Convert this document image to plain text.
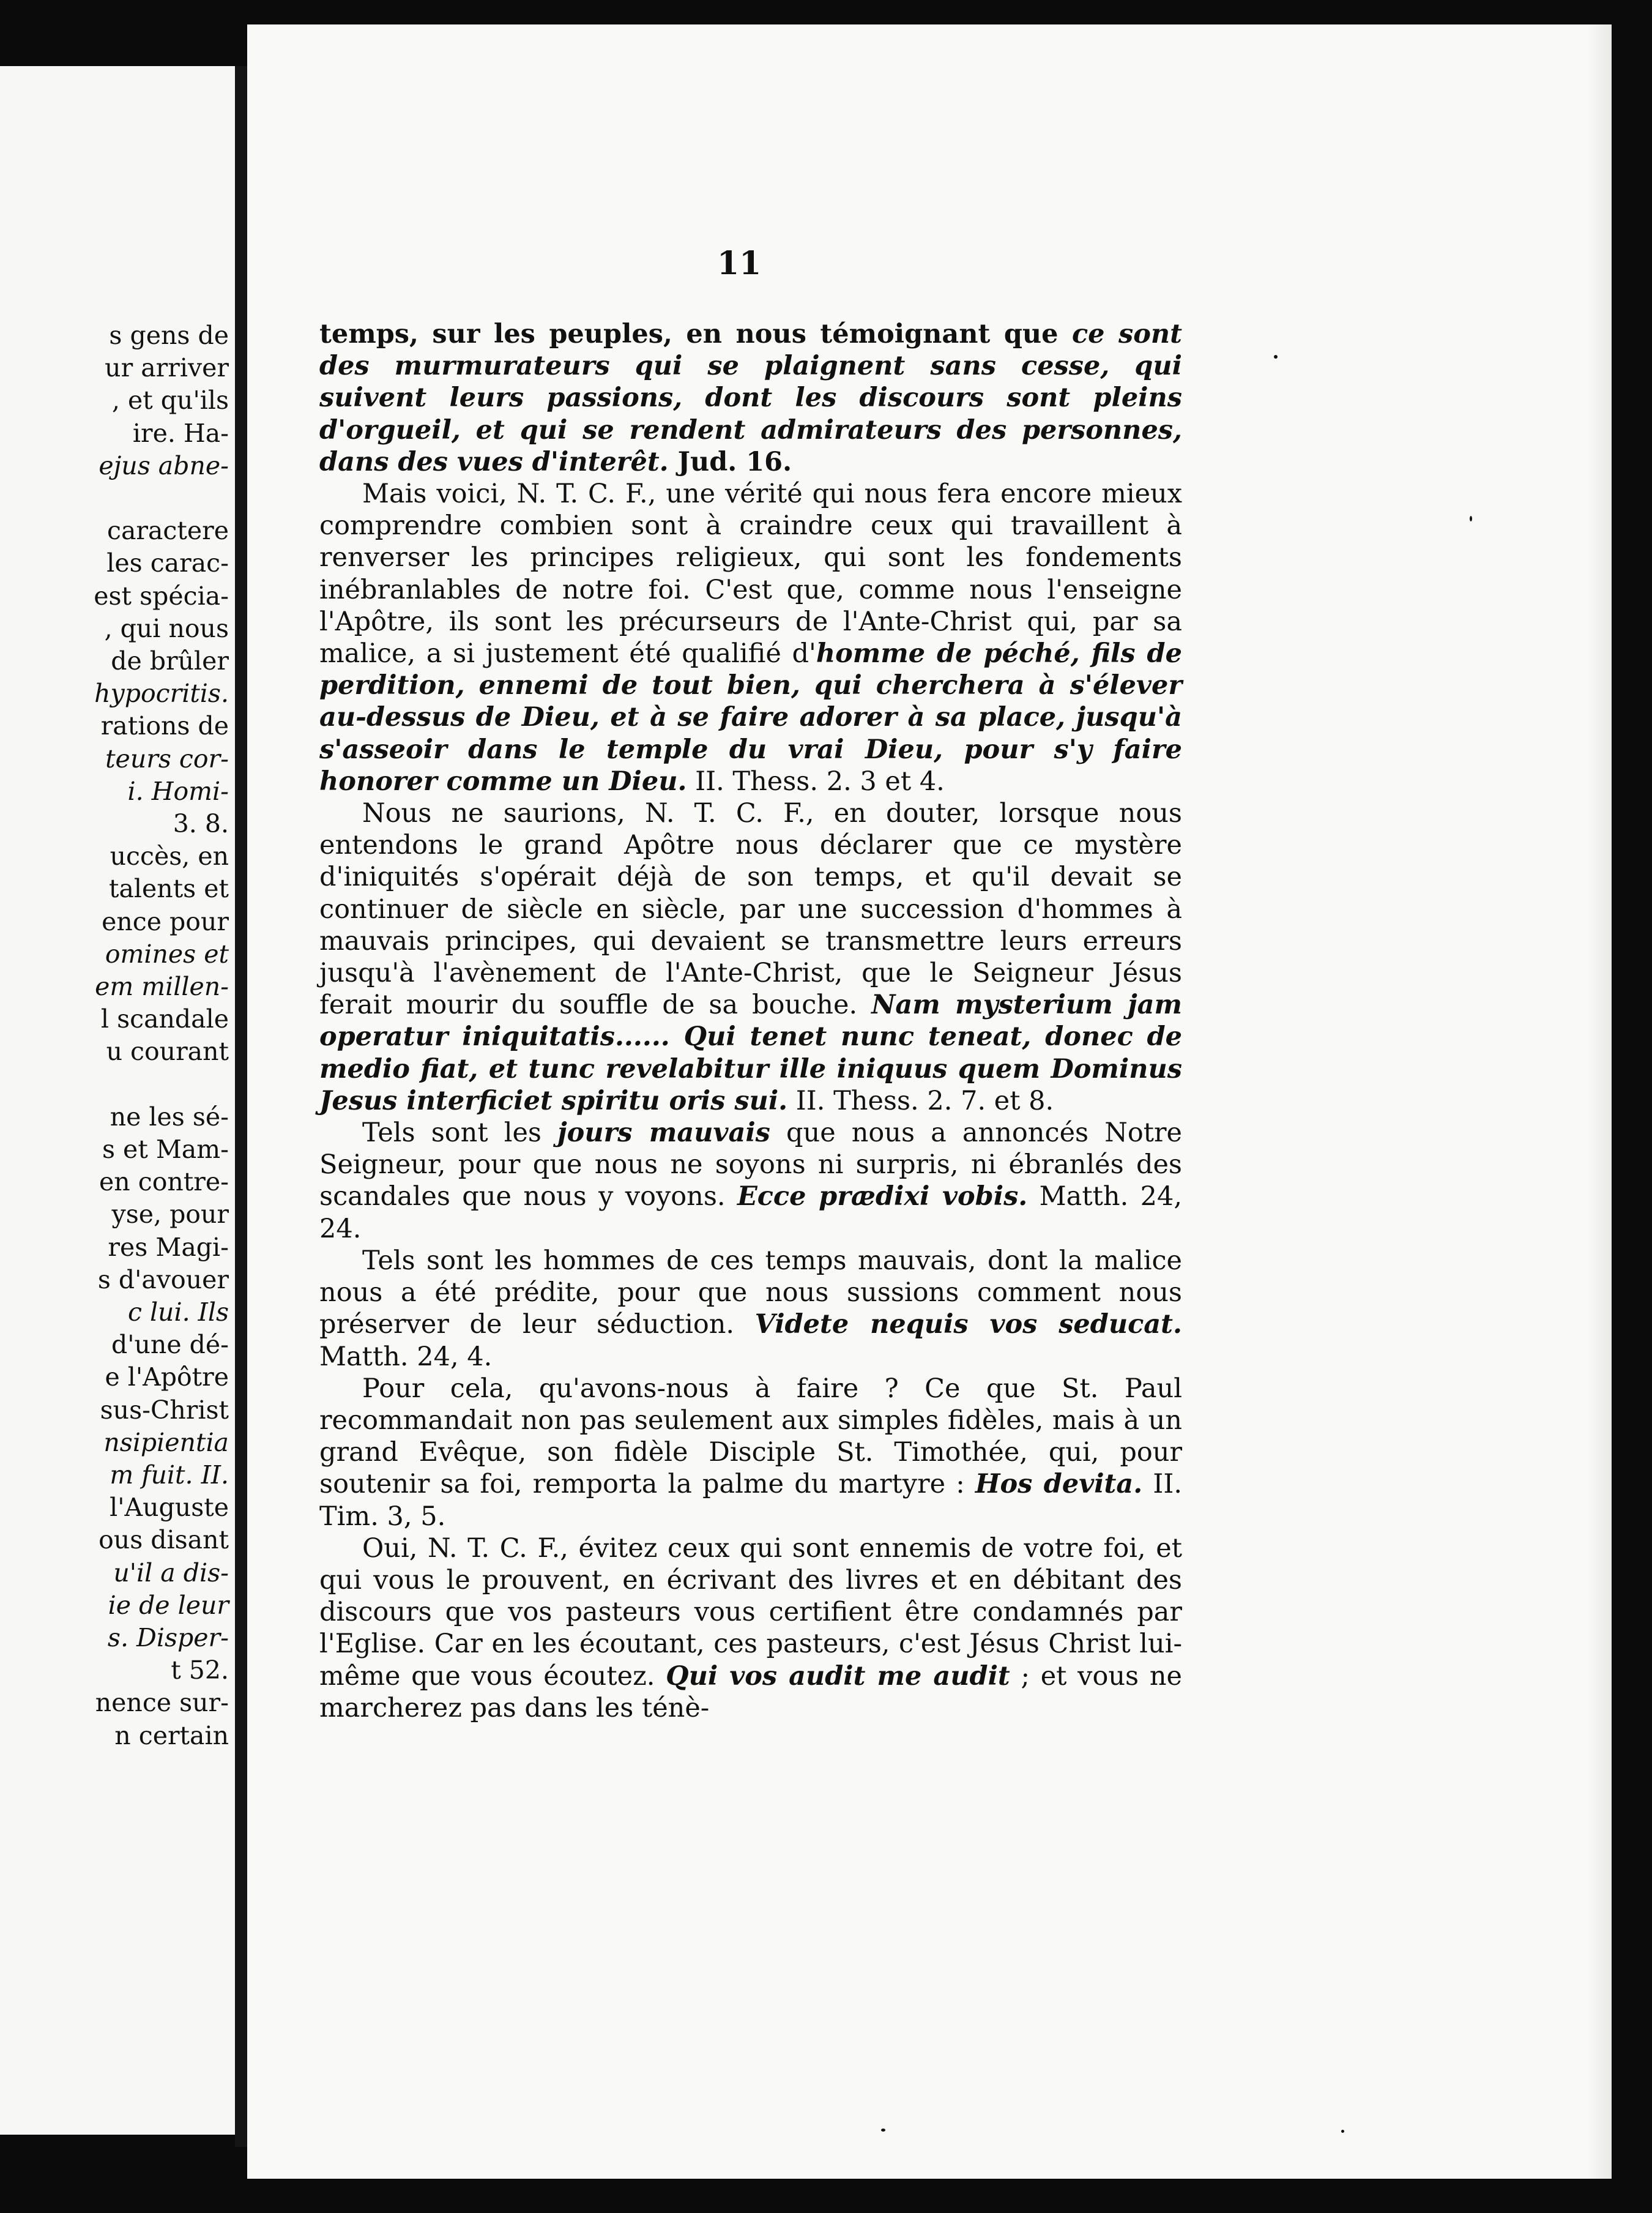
s gens de
ur arriver
, et qu'ils
ire. Ha-
ejus abne-
caractere
les carac-
est spécia-
, qui nous
de brûler
hypocritis.
rations de
teurs cor-
i. Homi-
3. 8.
uccès, en
talents et
ence pour
omines et
em millen-
l scandale
u courant
ne les sé-
s et Mam-
en contre-
yse, pour
res Magi-
s d'avouer
c lui. Ils
d'une dé-
e l'Apôtre
sus-Christ
nsipientia
m fuit. II.
l'Auguste
ous disant
u'il a dis-
ie de leur
s. Disper-
t 52.
nence sur-
n certain
11

temps, sur les peuples, en nous témoignant que ce sont des murmurateurs qui se plaignent sans cesse, qui suivent leurs passions, dont les discours sont pleins d'orgueil, et qui se rendent admirateurs des personnes, dans des vues d'interêt. Jud. 16.

Mais voici, N. T. C. F., une vérité qui nous fera encore mieux comprendre combien sont à craindre ceux qui travaillent à renverser les principes religieux, qui sont les fondements inébranlables de notre foi. C'est que, comme nous l'enseigne l'Apôtre, ils sont les précurseurs de l'Ante-Christ qui, par sa malice, a si justement été qualifié d'homme de péché, fils de perdition, ennemi de tout bien, qui cherchera à s'élever au-dessus de Dieu, et à se faire adorer à sa place, jusqu'à s'asseoir dans le temple du vrai Dieu, pour s'y faire honorer comme un Dieu. II. Thess. 2. 3 et 4.

Nous ne saurions, N. T. C. F., en douter, lorsque nous entendons le grand Apôtre nous déclarer que ce mystère d'iniquités s'opérait déjà de son temps, et qu'il devait se continuer de siècle en siècle, par une succession d'hommes à mauvais principes, qui devaient se transmettre leurs erreurs jusqu'à l'avènement de l'Ante-Christ, que le Seigneur Jésus ferait mourir du souffle de sa bouche. Nam mysterium jam operatur iniquitatis...... Qui tenet nunc teneat, donec de medio fiat, et tunc revelabitur ille iniquus quem Dominus Jesus interficiet spiritu oris sui. II. Thess. 2. 7. et 8.

Tels sont les jours mauvais que nous a annoncés Notre Seigneur, pour que nous ne soyons ni surpris, ni ébranlés des scandales que nous y voyons. Ecce prædixi vobis. Matth. 24, 24.

Tels sont les hommes de ces temps mauvais, dont la malice nous a été prédite, pour que nous sussions comment nous préserver de leur séduction. Videte nequis vos seducat. Matth. 24, 4.

Pour cela, qu'avons-nous à faire ? Ce que St. Paul recommandait non pas seulement aux simples fidèles, mais à un grand Evêque, son fidèle Disciple St. Timothée, qui, pour soutenir sa foi, remporta la palme du martyre : Hos devita. II. Tim. 3, 5.

Oui, N. T. C. F., évitez ceux qui sont ennemis de votre foi, et qui vous le prouvent, en écrivant des livres et en débitant des discours que vos pasteurs vous certifient être condamnés par l'Eglise. Car en les écoutant, ces pasteurs, c'est Jésus Christ lui-même que vous écoutez. Qui vos audit me audit ; et vous ne marcherez pas dans les ténè-
